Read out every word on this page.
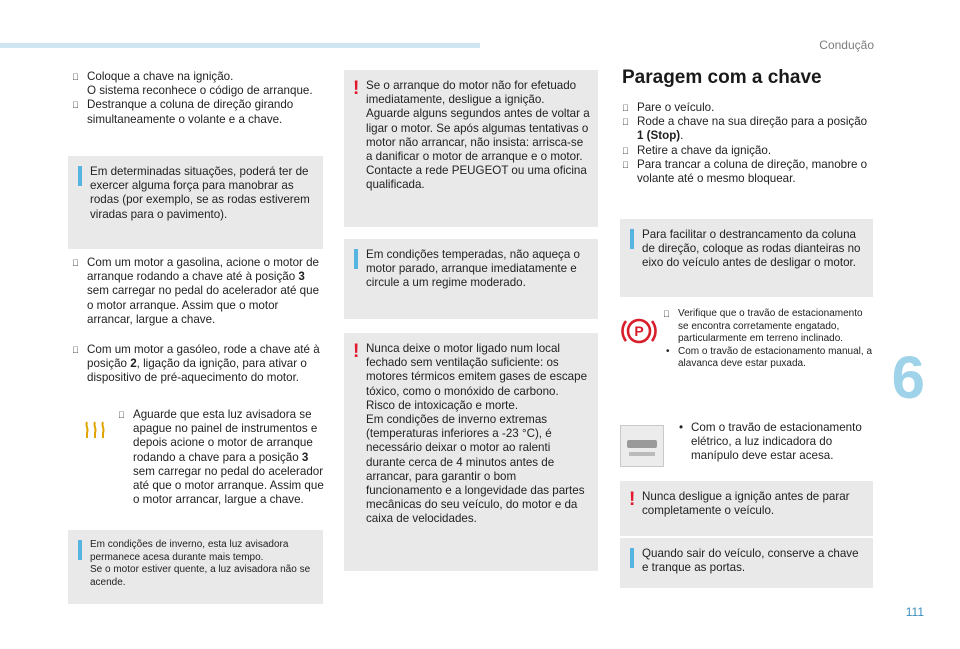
Condução
6
111
Coloque a chave na ignição.
O sistema reconhece o código de arranque.
Destranque a coluna de direção girando
simultaneamente o volante e a chave.
Em determinadas situações, poderá ter de exercer alguma força para manobrar as rodas (por exemplo, se as rodas estiverem viradas para o pavimento).
Com um motor a gasolina, acione o motor de arranque rodando a chave até à posição 3 sem carregar no pedal do acelerador até que o motor arranque. Assim que o motor arrancar, largue a chave.
Com um motor a gasóleo, rode a chave até à posição 2, ligação da ignição, para ativar o dispositivo de pré-aquecimento do motor.
Aguarde que esta luz avisadora se apague no painel de instrumentos e depois acione o motor de arranque rodando a chave para a posição 3 sem carregar no pedal do acelerador até que o motor arranque. Assim que o motor arrancar, largue a chave.
Em condições de inverno, esta luz avisadora permanece acesa durante mais tempo.
Se o motor estiver quente, a luz avisadora não se acende.
! Se o arranque do motor não for efetuado imediatamente, desligue a ignição. Aguarde alguns segundos antes de voltar a ligar o motor. Se após algumas tentativas o motor não arrancar, não insista: arrisca-se a danificar o motor de arranque e o motor.
Contacte a rede PEUGEOT ou uma oficina qualificada.
Em condições temperadas, não aqueça o motor parado, arranque imediatamente e circule a um regime moderado.
! Nunca deixe o motor ligado num local fechado sem ventilação suficiente: os motores térmicos emitem gases de escape tóxico, como o monóxido de carbono. Risco de intoxicação e morte.
Em condições de inverno extremas (temperaturas inferiores a -23 °C), é necessário deixar o motor ao ralenti durante cerca de 4 minutos antes de arrancar, para garantir o bom funcionamento e a longevidade das partes mecânicas do seu veículo, do motor e da caixa de velocidades.
Paragem com a chave
Pare o veículo.
Rode a chave na sua direção para a posição 1 (Stop).
Retire a chave da ignição.
Para trancar a coluna de direção, manobre o volante até o mesmo bloquear.
Para facilitar o destrancamento da coluna de direção, coloque as rodas dianteiras no eixo do veículo antes de desligar o motor.
P
Verifique que o travão de estacionamento se encontra corretamente engatado, particularmente em terreno inclinado.
• Com o travão de estacionamento manual, a alavanca deve estar puxada.
• Com o travão de estacionamento elétrico, a luz indicadora do manípulo deve estar acesa.
! Nunca desligue a ignição antes de parar completamente o veículo.
Quando sair do veículo, conserve a chave e tranque as portas.
